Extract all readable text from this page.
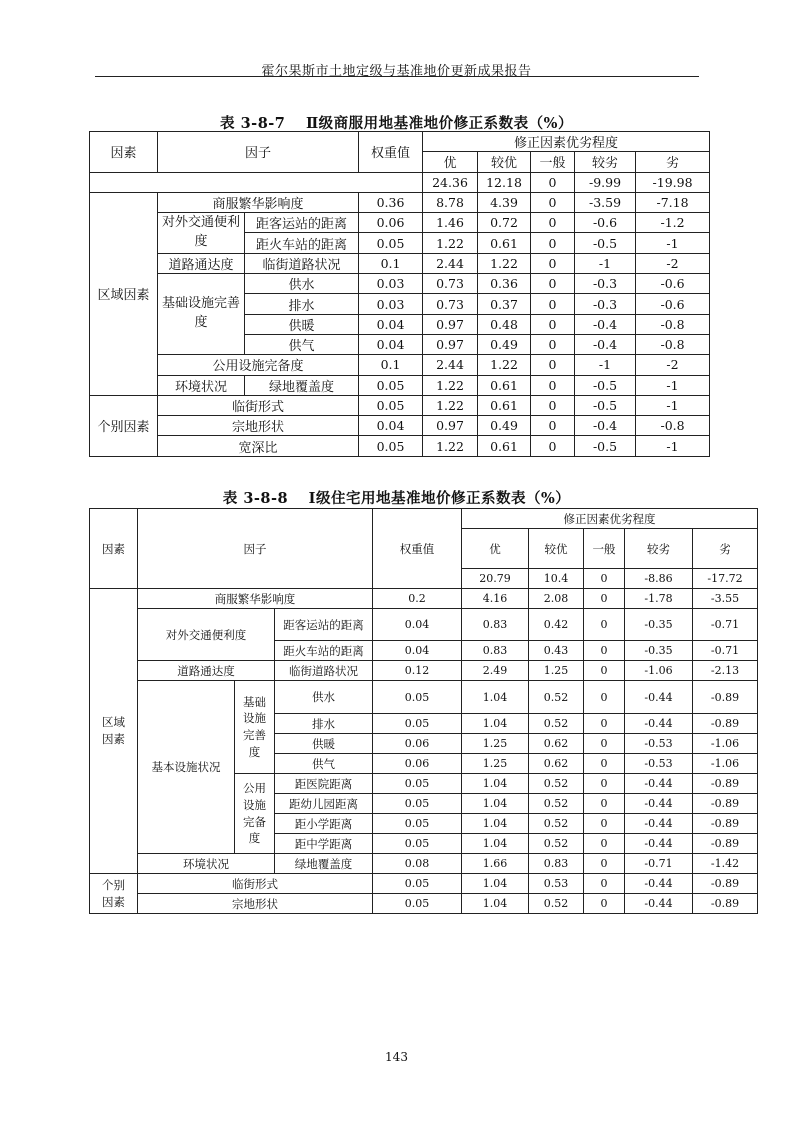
霍尔果斯市土地定级与基准地价更新成果报告
表 3-8-7　 Ⅱ级商服用地基准地价修正系数表（%）
因素	因子		权重值	修正因素优劣程度				
				优	较优	一般	较劣	劣
				24.36	12.18	0	-9.99	-19.98
区域因素	商服繁华影响度		0.36	8.78	4.39	0	-3.59	-7.18
	对外交通便利度	距客运站的距离	0.06	1.46	0.72	0	-0.6	-1.2
		距火车站的距离	0.05	1.22	0.61	0	-0.5	-1
	道路通达度	临街道路状况	0.1	2.44	1.22	0	-1	-2
	基础设施完善度	供水	0.03	0.73	0.36	0	-0.3	-0.6
		排水	0.03	0.73	0.37	0	-0.3	-0.6
		供暖	0.04	0.97	0.48	0	-0.4	-0.8
		供气	0.04	0.97	0.49	0	-0.4	-0.8
	公用设施完备度		0.1	2.44	1.22	0	-1	-2
	环境状况	绿地覆盖度	0.05	1.22	0.61	0	-0.5	-1
个别因素	临街形式		0.05	1.22	0.61	0	-0.5	-1
	宗地形状		0.04	0.97	0.49	0	-0.4	-0.8
	宽深比		0.05	1.22	0.61	0	-0.5	-1
表 3-8-8　 Ⅰ级住宅用地基准地价修正系数表（%）
因素	因子			权重值	修正因素优劣程度				
					优	较优	一般	较劣	劣
					20.79	10.4	0	-8.86	-17.72
区域因素	商服繁华影响度			0.2	4.16	2.08	0	-1.78	-3.55
	对外交通便利度		距客运站的距离	0.04	0.83	0.42	0	-0.35	-0.71
			距火车站的距离	0.04	0.83	0.43	0	-0.35	-0.71
	道路通达度		临街道路状况	0.12	2.49	1.25	0	-1.06	-2.13
	基本设施状况	基础设施完善度	供水	0.05	1.04	0.52	0	-0.44	-0.89
			排水	0.05	1.04	0.52	0	-0.44	-0.89
			供暖	0.06	1.25	0.62	0	-0.53	-1.06
			供气	0.06	1.25	0.62	0	-0.53	-1.06
		公用设施完备度	距医院距离	0.05	1.04	0.52	0	-0.44	-0.89
			距幼儿园距离	0.05	1.04	0.52	0	-0.44	-0.89
			距小学距离	0.05	1.04	0.52	0	-0.44	-0.89
			距中学距离	0.05	1.04	0.52	0	-0.44	-0.89
	环境状况		绿地覆盖度	0.08	1.66	0.83	0	-0.71	-1.42
个别因素	临街形式			0.05	1.04	0.53	0	-0.44	-0.89
	宗地形状			0.05	1.04	0.52	0	-0.44	-0.89
143
